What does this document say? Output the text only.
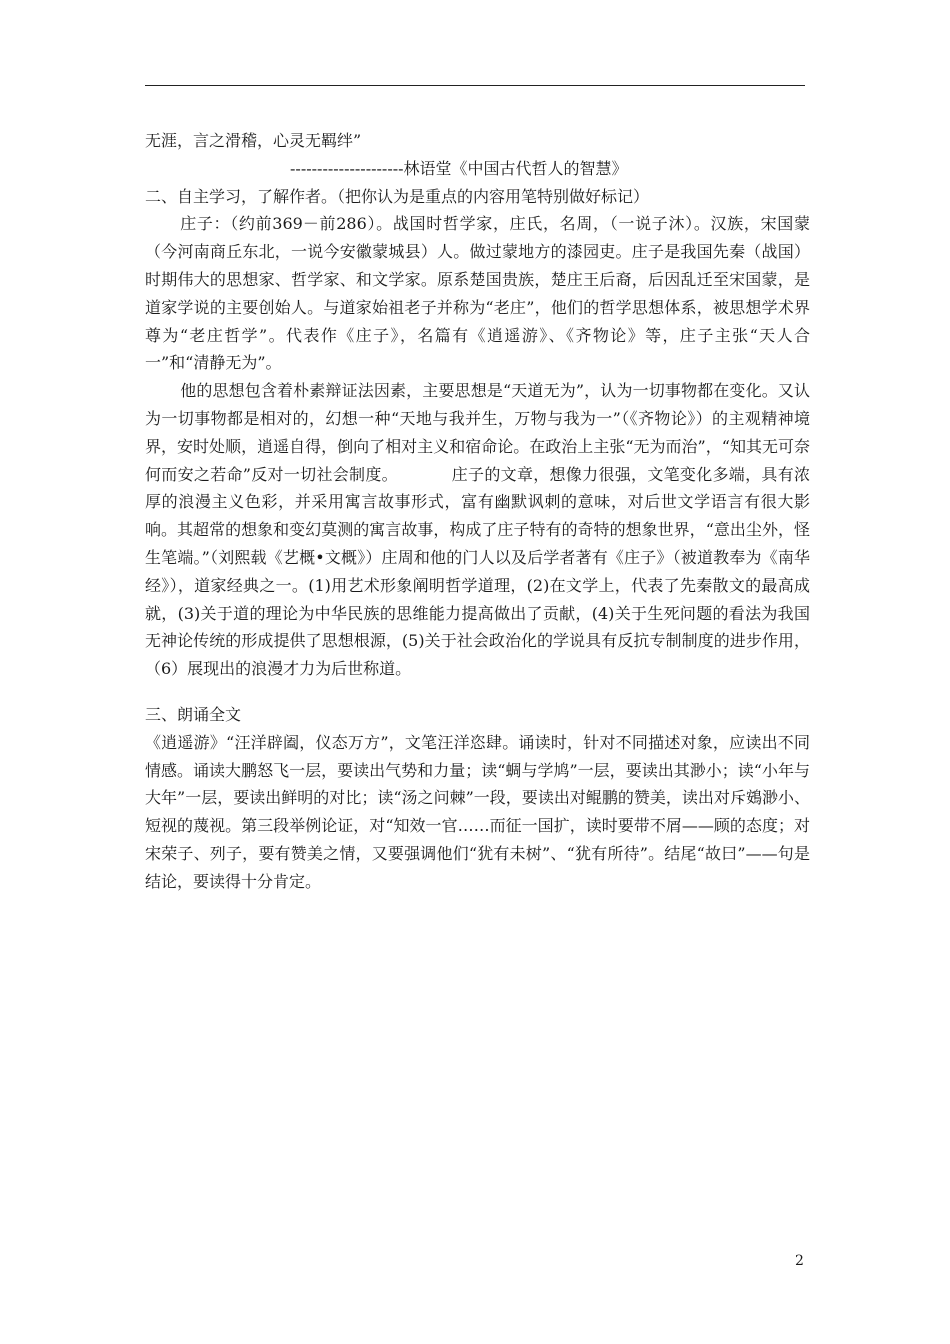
无涯，言之滑稽，心灵无羁绊”

---------------------林语堂《中国古代哲人的智慧》

二、自主学习，了解作者。（把你认为是重点的内容用笔特别做好标记）

庄子：（约前369－前286）。战国时哲学家，庄氏，名周，（一说子沐）。汉族，宋国蒙（今河南商丘东北，一说今安徽蒙城县）人。做过蒙地方的漆园吏。庄子是我国先秦（战国）时期伟大的思想家、哲学家、和文学家。原系楚国贵族，楚庄王后裔，后因乱迁至宋国蒙，是道家学说的主要创始人。与道家始祖老子并称为“老庄”，他们的哲学思想体系，被思想学术界尊为“老庄哲学”。代表作《庄子》，名篇有《逍遥游》、《齐物论》等，庄子主张“天人合一”和“清静无为”。

他的思想包含着朴素辩证法因素，主要思想是“天道无为”，认为一切事物都在变化。又认为一切事物都是相对的，幻想一种“天地与我并生，万物与我为一”（《齐物论》）的主观精神境界，安时处顺，逍遥自得，倒向了相对主义和宿命论。在政治上主张“无为而治”，“知其无可奈何而安之若命”反对一切社会制度。          庄子的文章，想像力很强，文笔变化多端，具有浓厚的浪漫主义色彩，并采用寓言故事形式，富有幽默讽刺的意味，对后世文学语言有很大影响。其超常的想象和变幻莫测的寓言故事，构成了庄子特有的奇特的想象世界，“意出尘外，怪生笔端。”（刘熙载《艺概•文概》）庄周和他的门人以及后学者著有《庄子》（被道教奉为《南华经》），道家经典之一。(1)用艺术形象阐明哲学道理，(2)在文学上，代表了先秦散文的最高成就，(3)关于道的理论为中华民族的思维能力提高做出了贡献，(4)关于生死问题的看法为我国无神论传统的形成提供了思想根源，(5)关于社会政治化的学说具有反抗专制制度的进步作用，（6）展现出的浪漫才力为后世称道。

三、朗诵全文

《逍遥游》“汪洋辟阖，仪态万方”，文笔汪洋恣肆。诵读时，针对不同描述对象，应读出不同情感。诵读大鹏怒飞一层，要读出气势和力量；读“蜩与学鸠”一层，要读出其渺小；读“小年与大年”一层，要读出鲜明的对比；读“汤之问棘”一段，要读出对鲲鹏的赞美，读出对斥鴳渺小、短视的蔑视。第三段举例论证，对“知效一官……而征一国扩，读时要带不屑——顾的态度；对宋荣子、列子，要有赞美之情，又要强调他们“犹有未树”、“犹有所待”。结尾“故曰”——句是结论，要读得十分肯定。

2
